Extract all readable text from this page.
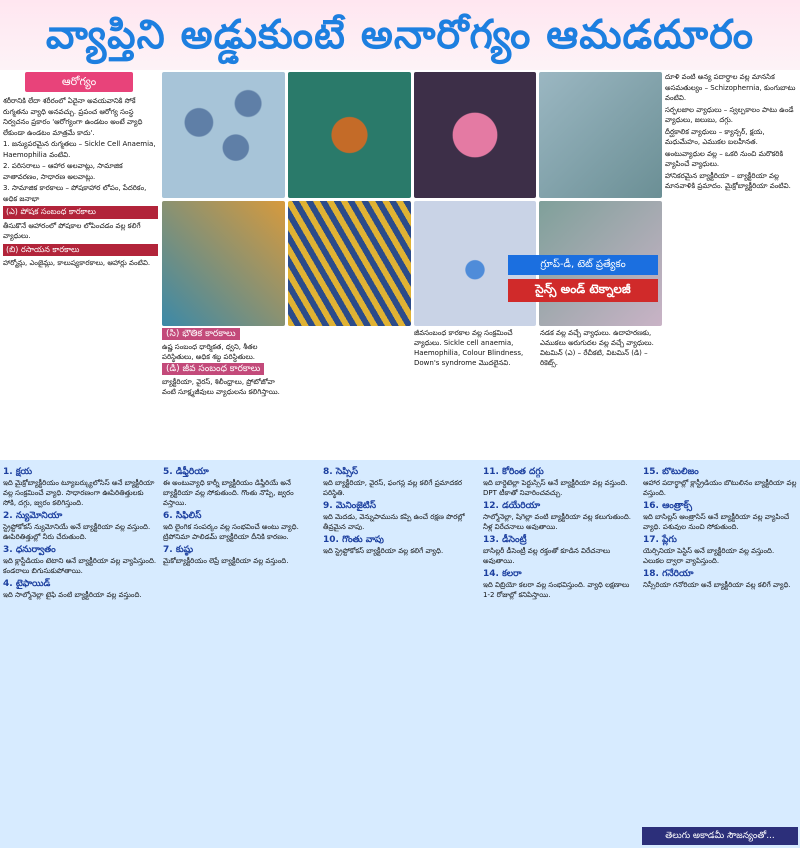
వ్యాప్తిని అడ్డుకుంటే అనారోగ్యం ఆమడదూరం
ఆరోగ్యం

శరీరానికి లేదా శరీరంలో ఏదైనా అవయవానికి సోకే రుగ్మతను వ్యాధి అనవచ్చు. ప్రపంచ ఆరోగ్య సంస్థ నిర్వచనం ప్రకారం 'ఆరోగ్యంగా ఉండటం అంటే వ్యాధి లేకుండా ఉండటం మాత్రమే కాదు'.

1. జన్యుపరమైన రుగ్మతలు – Sickle Cell Anaemia, Haemophilia వంటివి.

2. పరిసరాలు – ఆహార అలవాట్లు, సామాజిక వాతావరణం, సాధారణ అలవాట్లు.

3. సామాజిక కారకాలు – పోషకాహార లోపం, పేదరికం, అధిక జనాభా

(ఎ) పోషక సంబంధ కారకాలు

తీసుకొనే ఆహారంలో పోషకాల లోపించడం వల్ల కలిగే వ్యాధులు.

(బి) రసాయన కారకాలు

హార్మోన్లు, ఎంజైమ్లు, కాలుష్యకారకాలు, ఆహార్లు వంటివి.	గ్రూప్-డీ, టెట్ ప్రత్యేకం
సైన్స్ అండ్ టెక్నాలజీ

దూళి వంటి అన్య పదార్థాల వల్ల మానసిక అసమతుల్యం – Schizophernia, కుంగుబాటు వంటివి.

సర్ఫలజాల వ్యాధులు – స్వల్పకాలం పాటు ఉండే వ్యాధులు, జలుబు, దగ్గు.

దీర్ఘకాలిక వ్యాధులు – క్యాన్సర్, క్షయ, మధుమేహం, ఎముకల బలహీనత.

అంటువ్యాధుల వల్ల – ఒకరి నుంచి మరొకరికి వ్యాపించే వ్యాధులు.

హానికరమైన బ్యాక్టీరియా – బ్యాక్టీరియా వల్ల మానవాళికి ప్రమాదం. మైక్రోబ్యాక్టీరియా వంటివి.

(సి) భౌతిక కారకాలు

ఉష్ణ సంబంధ ధార్మికత, ధ్వని, శీతల పరిస్థితులు, అధిక శబ్ద పరిస్థితులు.

(డి) జీవ సంబంధ కారకాలు

బ్యాక్టీరియా, వైరస్, శిలీంధ్రాలు, ప్రోటోజోవా వంటి సూక్ష్మజీవులు వ్యాధులను కలిగిస్తాయి.

జీవసంబంధ కారకాల వల్ల సంక్రమించే వ్యాధులు. Sickle cell anaemia, Haemophilia, Colour Blindness, Down's syndrome మొదలైనవి.

నడక వల్ల వచ్చే వ్యాధులు. ఉదాహరణకు, ఎముకలు అరుగుదల వల్ల వచ్చే వ్యాధులు. విటమిన్ (ఎ) – రేచీకటి, విటమిన్ (డి) – రికెట్స్.

1. క్షయ

ఇది మైక్రోబ్యాక్టీరియం ట్యూబర్క్యులోసిస్ అనే బ్యాక్టీరియా వల్ల సంక్రమించే వ్యాధి. సాధారణంగా ఊపిరితిత్తులకు సోకి, దగ్గు, జ్వరం కలిగిస్తుంది.

2. న్యుమోనియా

స్ట్రెప్టోకోకస్ న్యుమోనియే అనే బ్యాక్టీరియా వల్ల వస్తుంది. ఊపిరితిత్తుల్లో నీరు చేరుతుంది.

3. ధనుర్వాతం

ఇది క్లాస్టీడియం టెటాని అనే బ్యాక్టీరియా వల్ల వ్యాపిస్తుంది. కండరాలు బిగుసుకుపోతాయి.

4. టైఫాయిడ్

ఇది సాల్మోనెల్లా టైఫి వంటి బ్యాక్టీరియా వల్ల వస్తుంది.

5. డిఫ్తీరియా

ఈ అంటువ్యాధి కార్నీ బ్యాక్టీరియం డిఫ్తీరియే అనే బ్యాక్టీరియా వల్ల సోకుతుంది. గొంతు నొప్పి, జ్వరం వస్తాయి.

6. సిఫిలిస్

ఇది లైంగిక సంపర్కం వల్ల సంభవించే అంటు వ్యాధి. ట్రిపోనిమా పాలిడమ్ బ్యాక్టీరియా దీనికి కారణం.

7. కుష్ఠు

మైకోబ్యాక్టీరియం లెప్రే బ్యాక్టీరియా వల్ల వస్తుంది.

8. సెప్సిస్

ఇది బ్యాక్టీరియా, వైరస్, ఫంగస్ల వల్ల కలిగే ప్రమాదకర పరిస్థితి.

9. మెనింజైటిస్

ఇది మెదడు, వెన్నుపామును కప్పి ఉంచే రక్షణ పొరల్లో తీవ్రమైన వాపు.

10. గొంతు వాపు

ఇది స్ట్రెప్టోకోకస్ బ్యాక్టీరియా వల్ల కలిగే వ్యాధి.

11. కోరింత దగ్గు

ఇది బార్డెటెల్లా పెర్టుస్సిస్ అనే బ్యాక్టీరియా వల్ల వస్తుంది. DPT టీకాతో నివారించవచ్చు.

12. డయేరియా

సాల్మోనెల్లా, షిగెల్లా వంటి బ్యాక్టీరియా వల్ల కలుగుతుంది. నీళ్ల విరేచనాలు అవుతాయి.

13. డీసెంట్రీ

బాసిల్లరీ డీసెంట్రీ వల్ల రక్తంతో కూడిన విరేచనాలు అవుతాయి.

14. కలరా

ఇది విబ్రియో కలరా వల్ల సంభవిస్తుంది. వ్యాధి లక్షణాలు 1-2 రోజుల్లో కనిపిస్తాయి.

15. బొటులిజం

ఆహార పదార్థాల్లో క్లాస్ట్రీడియం బొటులినం బ్యాక్టీరియా వల్ల వస్తుంది.

16. ఆంత్రాక్స్

ఇది బాసిల్లస్ ఆంత్రాసిస్ అనే బ్యాక్టీరియా వల్ల వ్యాపించే వ్యాధి. పశువుల నుంచి సోకుతుంది.

17. ప్లేగు

యెర్సినియా పెస్టిస్ అనే బ్యాక్టీరియా వల్ల వస్తుంది. ఎలుకల ద్వారా వ్యాపిస్తుంది.

18. గనేరియా

నిస్సీరియా గనోరియా అనే బ్యాక్టీరియా వల్ల కలిగే వ్యాధి.

తెలుగు అకాడమీ సౌజన్యంతో...
